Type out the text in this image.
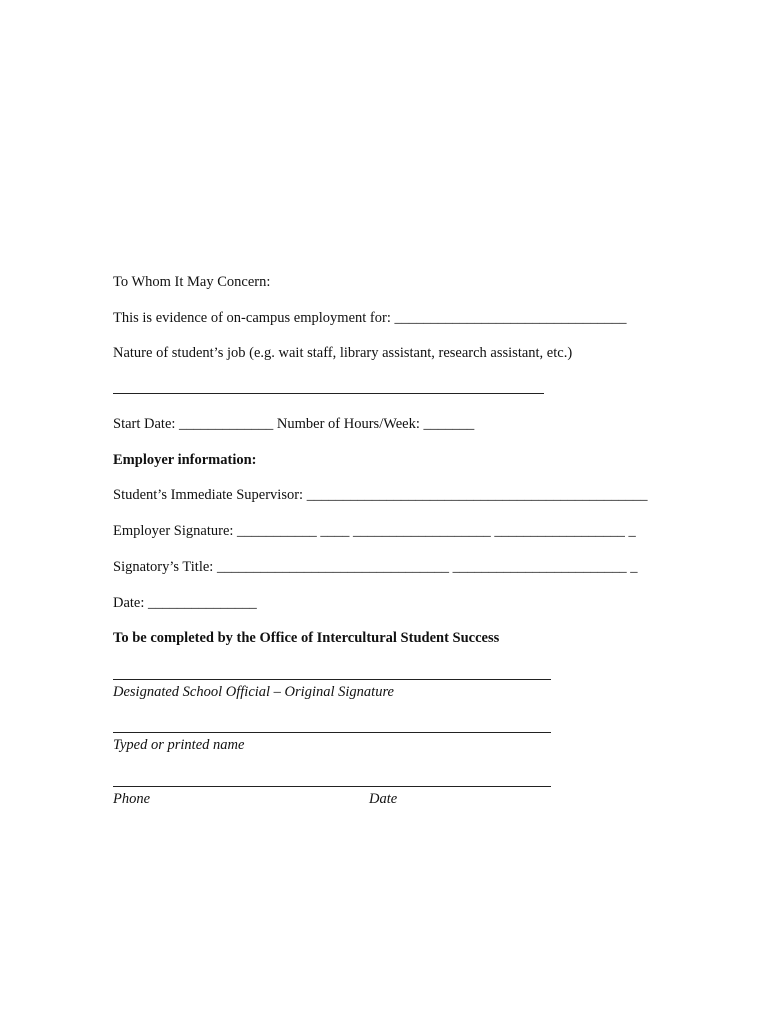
To Whom It May Concern:
This is evidence of on-campus employment for: ________________________________
Nature of student’s job (e.g. wait staff, library assistant, research assistant, etc.)
Start Date: _____________ Number of Hours/Week: _______
Employer information:
Student’s Immediate Supervisor: _______________________________________________
Employer Signature: ___________ ____ ___________________ __________________ _
Signatory’s Title: ________________________________ ________________________ _
Date: _______________
To be completed by the Office of Intercultural Student Success
Designated School Official – Original Signature
Typed or printed name
Phone	Date
